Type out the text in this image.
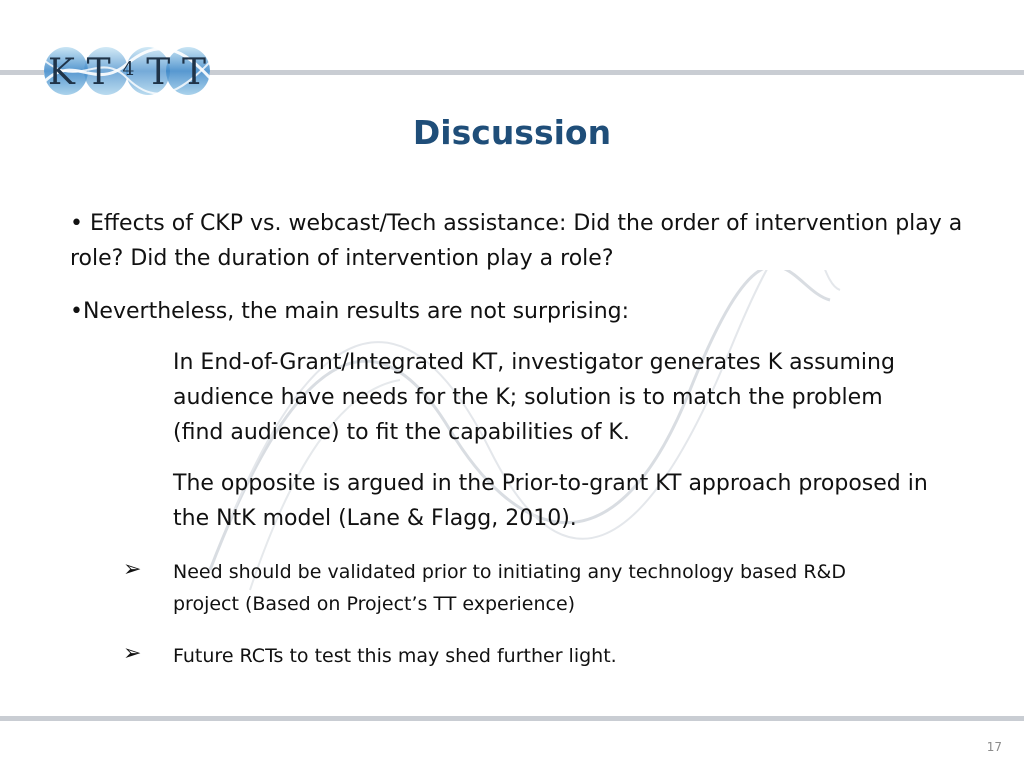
K T 4 T T
Discussion

• Effects of CKP vs. webcast/Tech assistance: Did the order of intervention play a role? Did the duration of intervention play a role?

•Nevertheless, the main results are not surprising:

In End-of-Grant/Integrated KT, investigator generates K assuming audience have needs for the K; solution is to match the problem (find audience) to fit the capabilities of K.

The opposite is argued in the Prior-to-grant KT approach proposed in the NtK model (Lane & Flagg, 2010).

➢ Need should be validated prior to initiating any technology based R&D project (Based on Project’s TT experience)
➢ Future RCTs to test this may shed further light.
17
